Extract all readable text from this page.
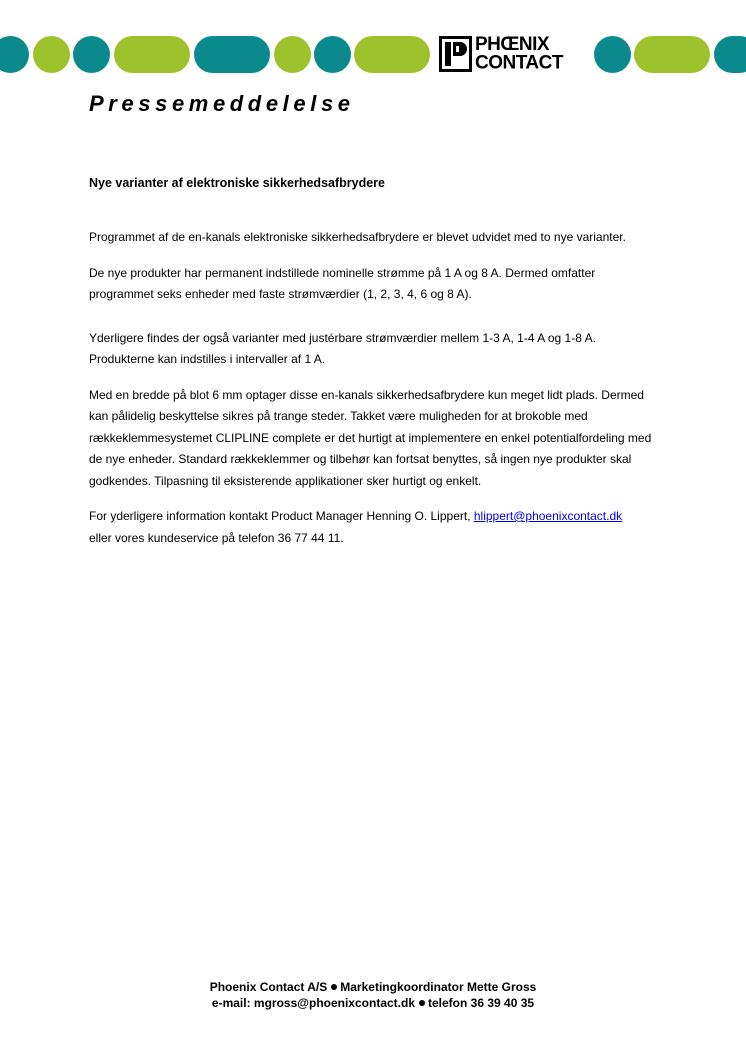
PHŒNIX
CONTACT
Pressemeddelelse
Nye varianter af elektroniske sikkerhedsafbrydere

Programmet af de en-kanals elektroniske sikkerhedsafbrydere er blevet udvidet med to nye varianter.

De nye produkter har permanent indstillede nominelle strømme på 1 A og 8 A. Dermed omfatter programmet seks enheder med faste strømværdier (1, 2, 3, 4, 6 og 8 A).

Yderligere findes der også varianter med justérbare strømværdier mellem 1-3 A, 1-4 A og 1-8 A. Produkterne kan indstilles i intervaller af 1 A.

Med en bredde på blot 6 mm optager disse en-kanals sikkerhedsafbrydere kun meget lidt plads. Dermed kan pålidelig beskyttelse sikres på trange steder. Takket være muligheden for at brokoble med rækkeklemmesystemet CLIPLINE complete er det hurtigt at implementere en enkel potentialfordeling med de nye enheder. Standard rækkeklemmer og tilbehør kan fortsat benyttes, så ingen nye produkter skal godkendes. Tilpasning til eksisterende applikationer sker hurtigt og enkelt.

For yderligere information kontakt Product Manager Henning O. Lippert, hlippert@phoenixcontact.dk
eller vores kundeservice på telefon 36 77 44 11.

Phoenix Contact A/S Marketingkoordinator Mette Gross
e-mail: mgross@phoenixcontact.dk telefon 36 39 40 35
